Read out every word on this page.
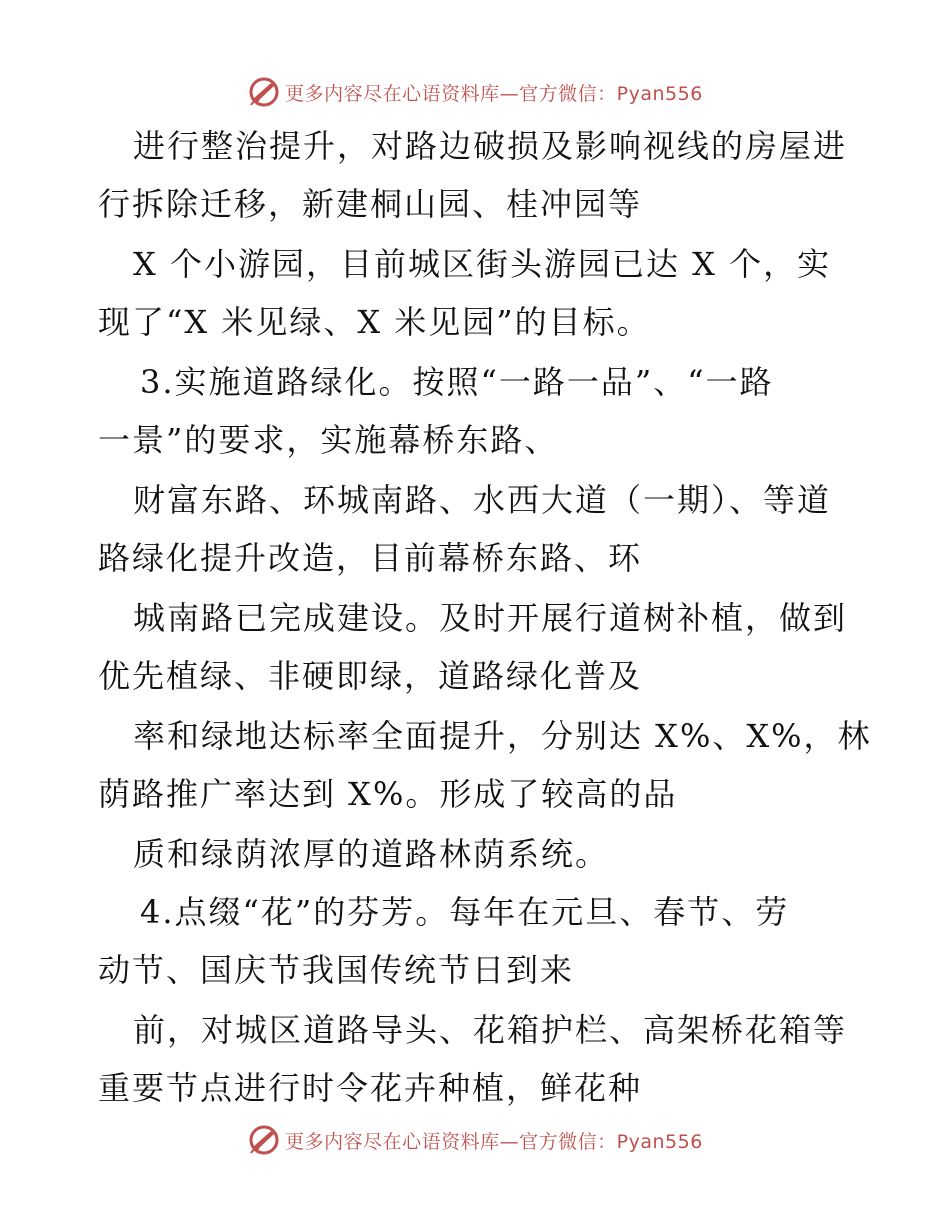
更多内容尽在心语资料库—官方微信：Pyan556
进行整治提升，对路边破损及影响视线的房屋进
行拆除迁移，新建桐山园、桂冲园等
X 个小游园，目前城区街头游园已达 X 个，实
现了“X 米见绿、X 米见园”的目标。
3.实施道路绿化。按照“一路一品”、“一路
一景”的要求，实施幕桥东路、
财富东路、环城南路、水西大道（一期）、等道
路绿化提升改造，目前幕桥东路、环
城南路已完成建设。及时开展行道树补植，做到
优先植绿、非硬即绿，道路绿化普及
率和绿地达标率全面提升，分别达 X%、X%，林
荫路推广率达到 X%。形成了较高的品
质和绿荫浓厚的道路林荫系统。
4.点缀“花”的芬芳。每年在元旦、春节、劳
动节、国庆节我国传统节日到来
前，对城区道路导头、花箱护栏、高架桥花箱等
重要节点进行时令花卉种植，鲜花种
更多内容尽在心语资料库—官方微信：Pyan556
